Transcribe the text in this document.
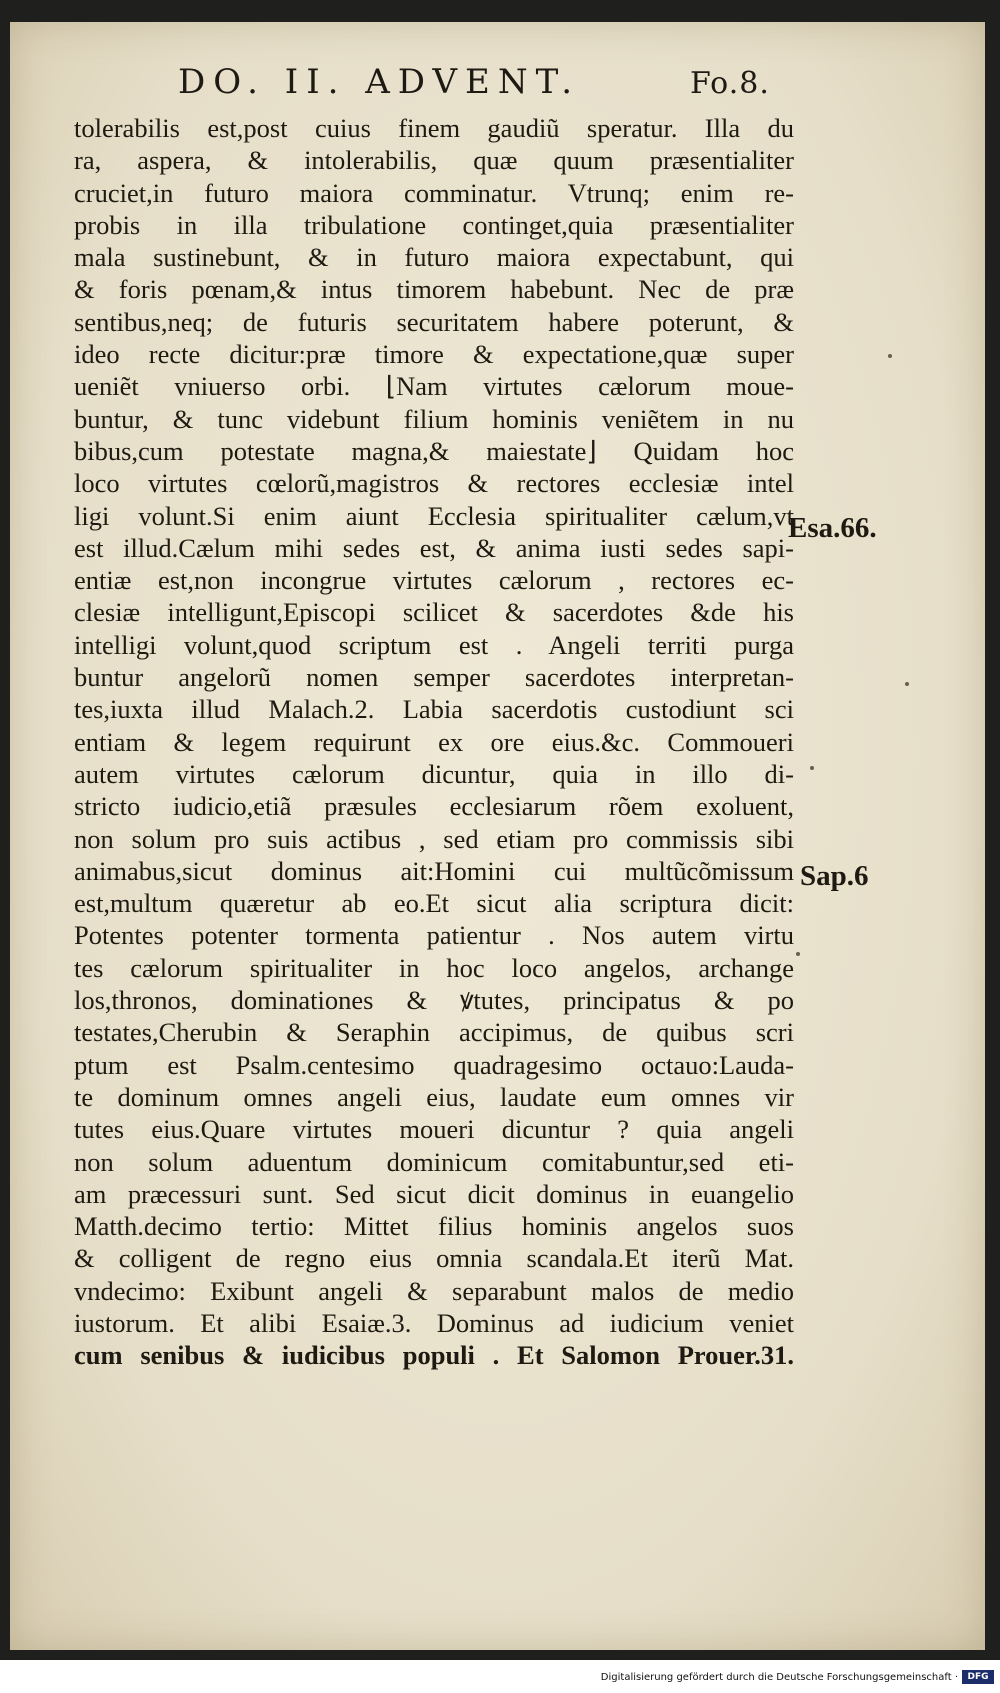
DO. II. ADVENT.	Fo.8.
tolerabilis est,post cuius finem gaudiũ speratur. Illa du
ra, aspera, & intolerabilis, quæ quum præsentialiter
cruciet,in futuro maiora comminatur. Vtrunq; enim re-
probis in illa tribulatione continget,quia præsentialiter
mala sustinebunt, & in futuro maiora expectabunt, qui
& foris pœnam,& intus timorem habebunt. Nec de præ
sentibus,neq; de futuris securitatem habere poterunt, &
ideo recte dicitur:præ timore & expectatione,quæ super
ueniẽt vniuerso orbi. ⌊Nam virtutes cælorum moue-
buntur, & tunc videbunt filium hominis veniẽtem in nu
bibus,cum potestate magna,& maiestate⌋ Quidam hoc
loco virtutes cœlorũ,magistros & rectores ecclesiæ intel
ligi volunt.Si enim aiunt Ecclesia spiritualiter cælum,vt
est illud.Cælum mihi sedes est, & anima iusti sedes sapi-
entiæ est,non incongrue virtutes cælorum , rectores ec-
clesiæ intelligunt,Episcopi scilicet & sacerdotes &de his
intelligi volunt,quod scriptum est . Angeli territi purga
buntur angelorũ nomen semper sacerdotes interpretan-
tes,iuxta illud Malach.2. Labia sacerdotis custodiunt sci
entiam & legem requirunt ex ore eius.&c. Commoueri
autem virtutes cælorum dicuntur, quia in illo di-
stricto iudicio,etiã præsules ecclesiarum rõem exoluent,
non solum pro suis actibus , sed etiam pro commissis sibi
animabus,sicut dominus ait:Homini cui multũcõmissum
est,multum quæretur ab eo.Et sicut alia scriptura dicit:
Potentes potenter tormenta patientur . Nos autem virtu
tes cælorum spiritualiter in hoc loco angelos, archange
los,thronos, dominationes & ꝟtutes, principatus & po
testates,Cherubin & Seraphin accipimus, de quibus scri
ptum est Psalm.centesimo quadragesimo octauo:Lauda-
te dominum omnes angeli eius, laudate eum omnes vir
tutes eius.Quare virtutes moueri dicuntur ? quia angeli
non solum aduentum dominicum comitabuntur,sed eti-
am præcessuri sunt. Sed sicut dicit dominus in euangelio
Matth.decimo tertio: Mittet filius hominis angelos suos
& colligent de regno eius omnia scandala.Et iterũ Mat.
vndecimo: Exibunt angeli & separabunt malos de medio
iustorum. Et alibi Esaiæ.3. Dominus ad iudicium veniet
cum senibus & iudicibus populi . Et Salomon Prouer.31.
Esa.66.
Sap.6
Digitalisierung gefördert durch die Deutsche Forschungsgemeinschaft ·	DFG
